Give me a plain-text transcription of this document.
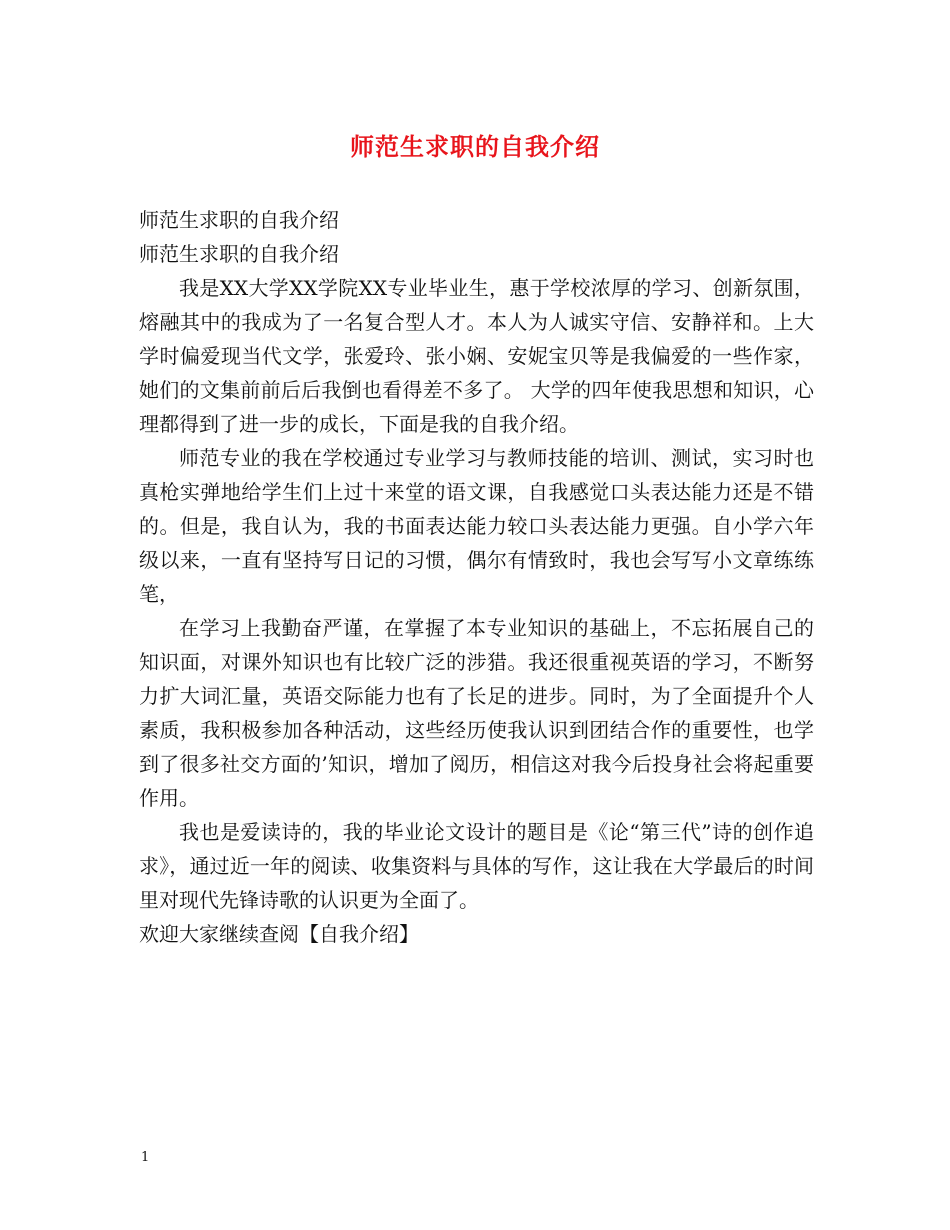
师范生求职的自我介绍

师范生求职的自我介绍

师范生求职的自我介绍

我是XX大学XX学院XX专业毕业生，惠于学校浓厚的学习、创新氛围，熔融其中的我成为了一名复合型人才。本人为人诚实守信、安静祥和。上大学时偏爱现当代文学，张爱玲、张小娴、安妮宝贝等是我偏爱的一些作家，她们的文集前前后后我倒也看得差不多了。 大学的四年使我思想和知识，心理都得到了进一步的成长，下面是我的自我介绍。

师范专业的我在学校通过专业学习与教师技能的培训、测试，实习时也真枪实弹地给学生们上过十来堂的语文课，自我感觉口头表达能力还是不错的。但是，我自认为，我的书面表达能力较口头表达能力更强。自小学六年级以来，一直有坚持写日记的习惯，偶尔有情致时，我也会写写小文章练练笔，

在学习上我勤奋严谨，在掌握了本专业知识的基础上，不忘拓展自己的知识面，对课外知识也有比较广泛的涉猎。我还很重视英语的学习，不断努力扩大词汇量，英语交际能力也有了长足的进步。同时，为了全面提升个人素质，我积极参加各种活动，这些经历使我认识到团结合作的重要性，也学到了很多社交方面的’知识，增加了阅历，相信这对我今后投身社会将起重要作用。

我也是爱读诗的，我的毕业论文设计的题目是《论“第三代”诗的创作追求》，通过近一年的阅读、收集资料与具体的写作，这让我在大学最后的时间里对现代先锋诗歌的认识更为全面了。

欢迎大家继续查阅【自我介绍】

1
